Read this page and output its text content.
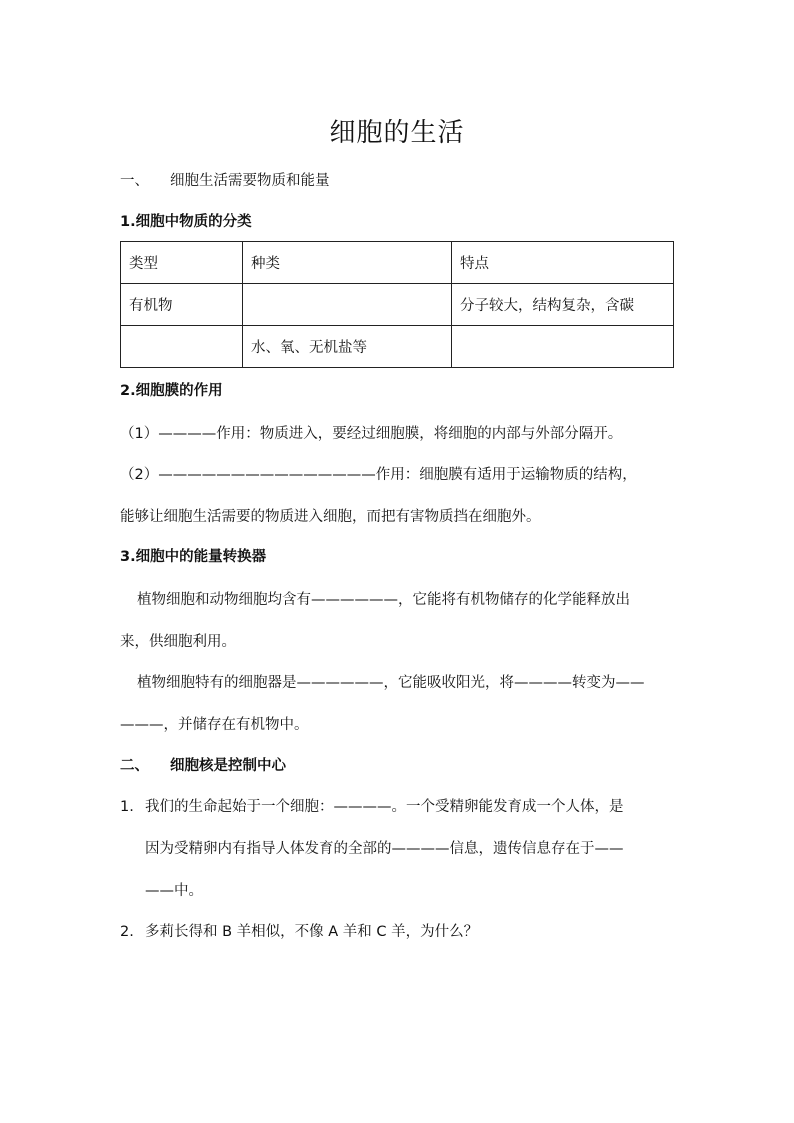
细胞的生活
一、 细胞生活需要物质和能量
1.细胞中物质的分类
类型	种类	特点
有机物		分子较大，结构复杂，含碳
	水、氧、无机盐等	
2.细胞膜的作用
（1）————作用：物质进入，要经过细胞膜，将细胞的内部与外部分隔开。
（2）———————————————作用：细胞膜有适用于运输物质的结构，
能够让细胞生活需要的物质进入细胞，而把有害物质挡在细胞外。
3.细胞中的能量转换器
植物细胞和动物细胞均含有——————，它能将有机物储存的化学能释放出
来，供细胞利用。
植物细胞特有的细胞器是——————，它能吸收阳光，将————转变为——
———，并储存在有机物中。
二、 细胞核是控制中心
1. 我们的生命起始于一个细胞：————。一个受精卵能发育成一个人体，是
因为受精卵内有指导人体发育的全部的————信息，遗传信息存在于——
——中。
2. 多莉长得和 B 羊相似，不像 A 羊和 C 羊，为什么？
